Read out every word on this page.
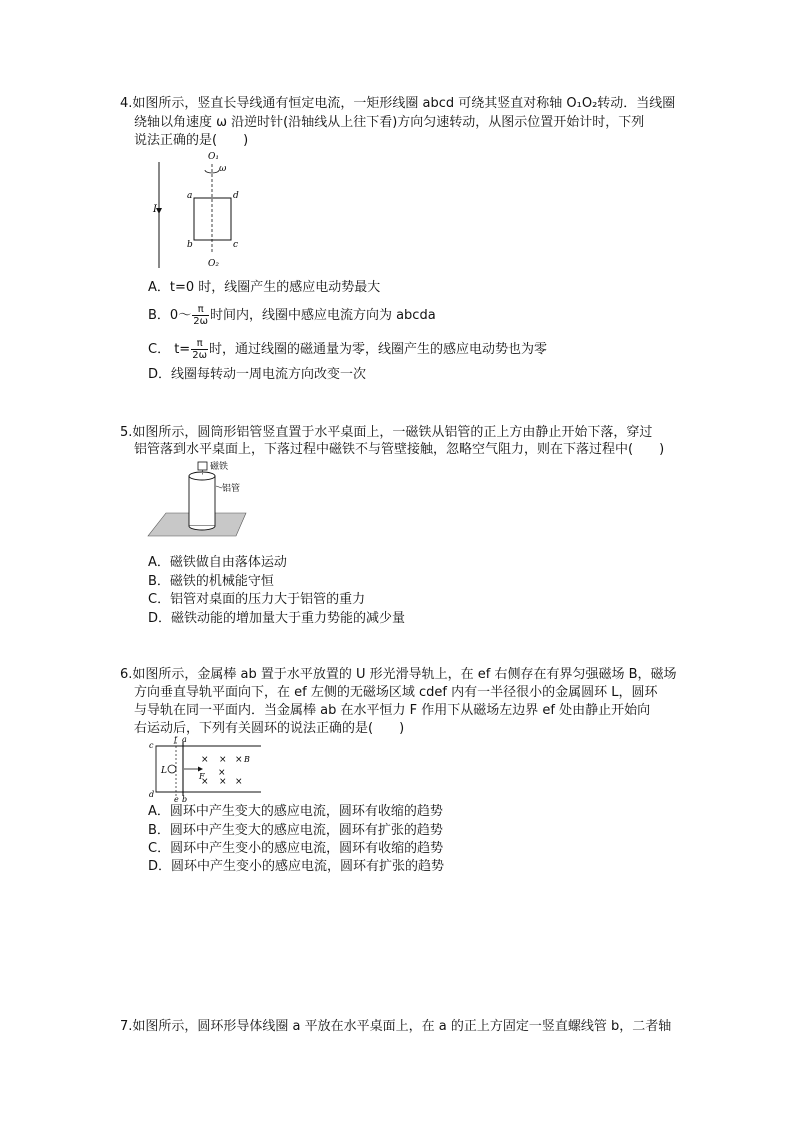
4.如图所示，竖直长导线通有恒定电流，一矩形线圈 abcd 可绕其竖直对称轴 O₁O₂转动．当线圈
绕轴以角速度 ω 沿逆时针(沿轴线从上往下看)方向匀速转动，从图示位置开始计时，下列
说法正确的是(　　)
I
O₁
ω
a	d
b	c
O₂
A．t=0 时，线圈产生的感应电动势最大
B．0～ $\frac{\pi}{2\omega}$ 时间内，线圈中感应电流方向为 abcda
C． $t= \frac{\pi}{2\omega}$ 时，通过线圈的磁通量为零，线圈产生的感应电动势也为零
D．线圈每转动一周电流方向改变一次
5.如图所示，圆筒形铝管竖直置于水平桌面上，一磁铁从铝管的正上方由静止开始下落，穿过
铝管落到水平桌面上，下落过程中磁铁不与管壁接触，忽略空气阻力，则在下落过程中(　　)
磁铁
铝管
A．磁铁做自由落体运动
B．磁铁的机械能守恒
C．铝管对桌面的压力大于铝管的重力
D．磁铁动能的增加量大于重力势能的减少量
6.如图所示，金属棒 ab 置于水平放置的 U 形光滑导轨上，在 ef 右侧存在有界匀强磁场 B，磁场
方向垂直导轨平面向下，在 ef 左侧的无磁场区域 cdef 内有一半径很小的金属圆环 L，圆环
与导轨在同一平面内．当金属棒 ab 在水平恒力 F 作用下从磁场左边界 ef 处由静止开始向
右运动后，下列有关圆环的说法正确的是(　　)
c
d
f a
e b
L
F
× × ×
×
× × ×
B
A．圆环中产生变大的感应电流，圆环有收缩的趋势
B．圆环中产生变大的感应电流，圆环有扩张的趋势
C．圆环中产生变小的感应电流，圆环有收缩的趋势
D．圆环中产生变小的感应电流，圆环有扩张的趋势
7.如图所示，圆环形导体线圈 a 平放在水平桌面上，在 a 的正上方固定一竖直螺线管 b，二者轴
